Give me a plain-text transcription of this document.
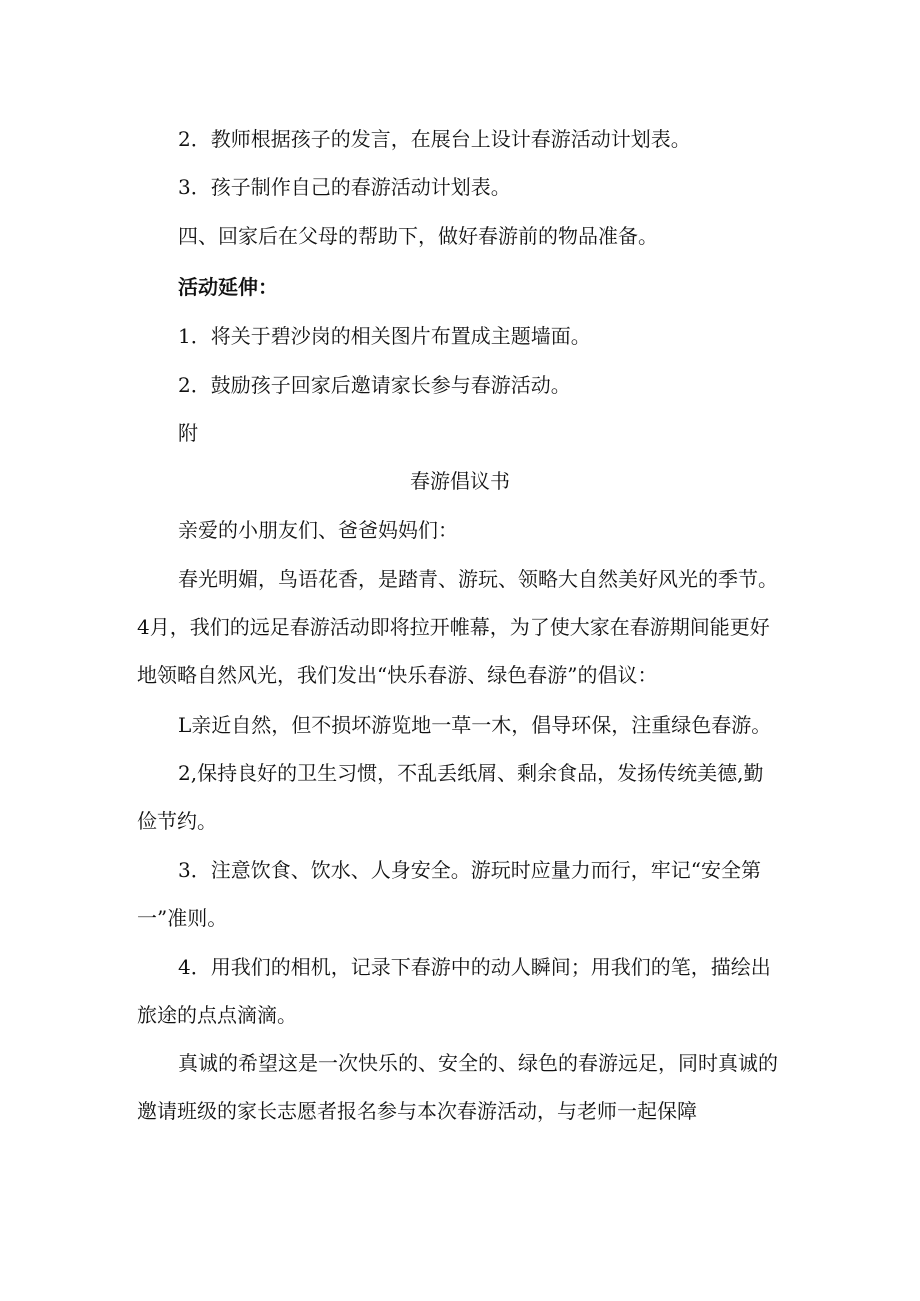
2．教师根据孩子的发言，在展台上设计春游活动计划表。
3．孩子制作自己的春游活动计划表。
四、回家后在父母的帮助下，做好春游前的物品准备。
活动延伸：
1．将关于碧沙岗的相关图片布置成主题墙面。
2．鼓励孩子回家后邀请家长参与春游活动。
附
春游倡议书
亲爱的小朋友们、爸爸妈妈们：
春光明媚，鸟语花香，是踏青、游玩、领略大自然美好风光的季节。
4月，我们的远足春游活动即将拉开帷幕，为了使大家在春游期间能更好
地领略自然风光，我们发出“快乐春游、绿色春游”的倡议：
L亲近自然，但不损坏游览地一草一木，倡导环保，注重绿色春游。
2,保持良好的卫生习惯，不乱丢纸屑、剩余食品，发扬传统美德,勤
俭节约。
3．注意饮食、饮水、人身安全。游玩时应量力而行，牢记“安全第
一”准则。
4．用我们的相机，记录下春游中的动人瞬间；用我们的笔，描绘出
旅途的点点滴滴。
真诚的希望这是一次快乐的、安全的、绿色的春游远足，同时真诚的
邀请班级的家长志愿者报名参与本次春游活动，与老师一起保障
